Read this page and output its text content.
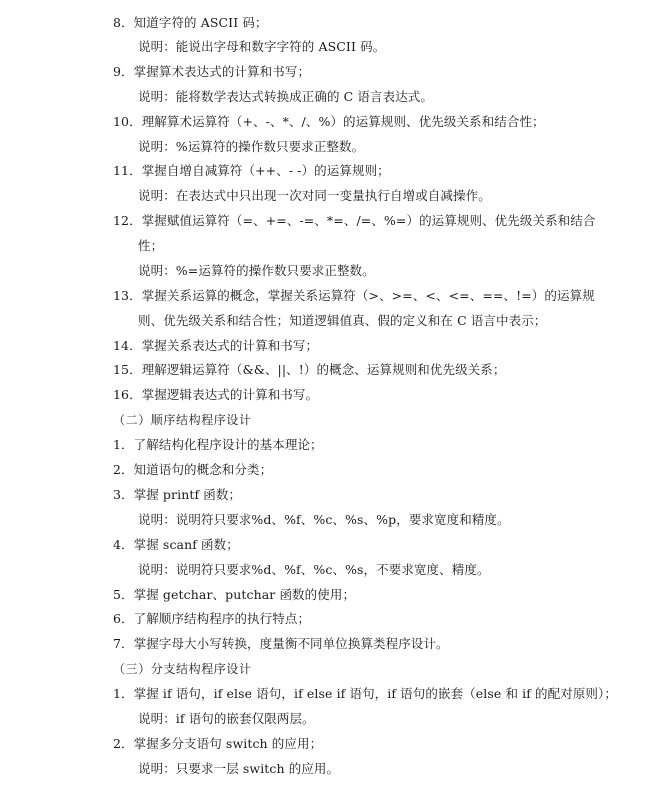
8．知道字符的 ASCII 码；
说明：能说出字母和数字字符的 ASCII 码。
9．掌握算术表达式的计算和书写；
说明：能将数学表达式转换成正确的 C 语言表达式。
10．理解算术运算符（+、-、*、/、%）的运算规则、优先级关系和结合性；
说明：%运算符的操作数只要求正整数。
11．掌握自增自减算符（++、- -）的运算规则；
说明：在表达式中只出现一次对同一变量执行自增或自减操作。
12．掌握赋值运算符（=、+=、-=、*=、/=、%=）的运算规则、优先级关系和结合
性；
说明：%=运算符的操作数只要求正整数。
13．掌握关系运算的概念，掌握关系运算符（>、>=、<、<=、==、!=）的运算规
则、优先级关系和结合性；知道逻辑值真、假的定义和在 C 语言中表示；
14．掌握关系表达式的计算和书写；
15．理解逻辑运算符（&&、||、!）的概念、运算规则和优先级关系；
16．掌握逻辑表达式的计算和书写。
（二）顺序结构程序设计
1．了解结构化程序设计的基本理论；
2．知道语句的概念和分类；
3．掌握 printf 函数；
说明：说明符只要求%d、%f、%c、%s、%p，要求宽度和精度。
4．掌握 scanf 函数；
说明：说明符只要求%d、%f、%c、%s，不要求宽度、精度。
5．掌握 getchar、putchar 函数的使用；
6．了解顺序结构程序的执行特点；
7．掌握字母大小写转换，度量衡不同单位换算类程序设计。
（三）分支结构程序设计
1．掌握 if 语句，if else 语句，if else if 语句，if 语句的嵌套（else 和 if 的配对原则）；
说明：if 语句的嵌套仅限两层。
2．掌握多分支语句 switch 的应用；
说明：只要求一层 switch 的应用。
